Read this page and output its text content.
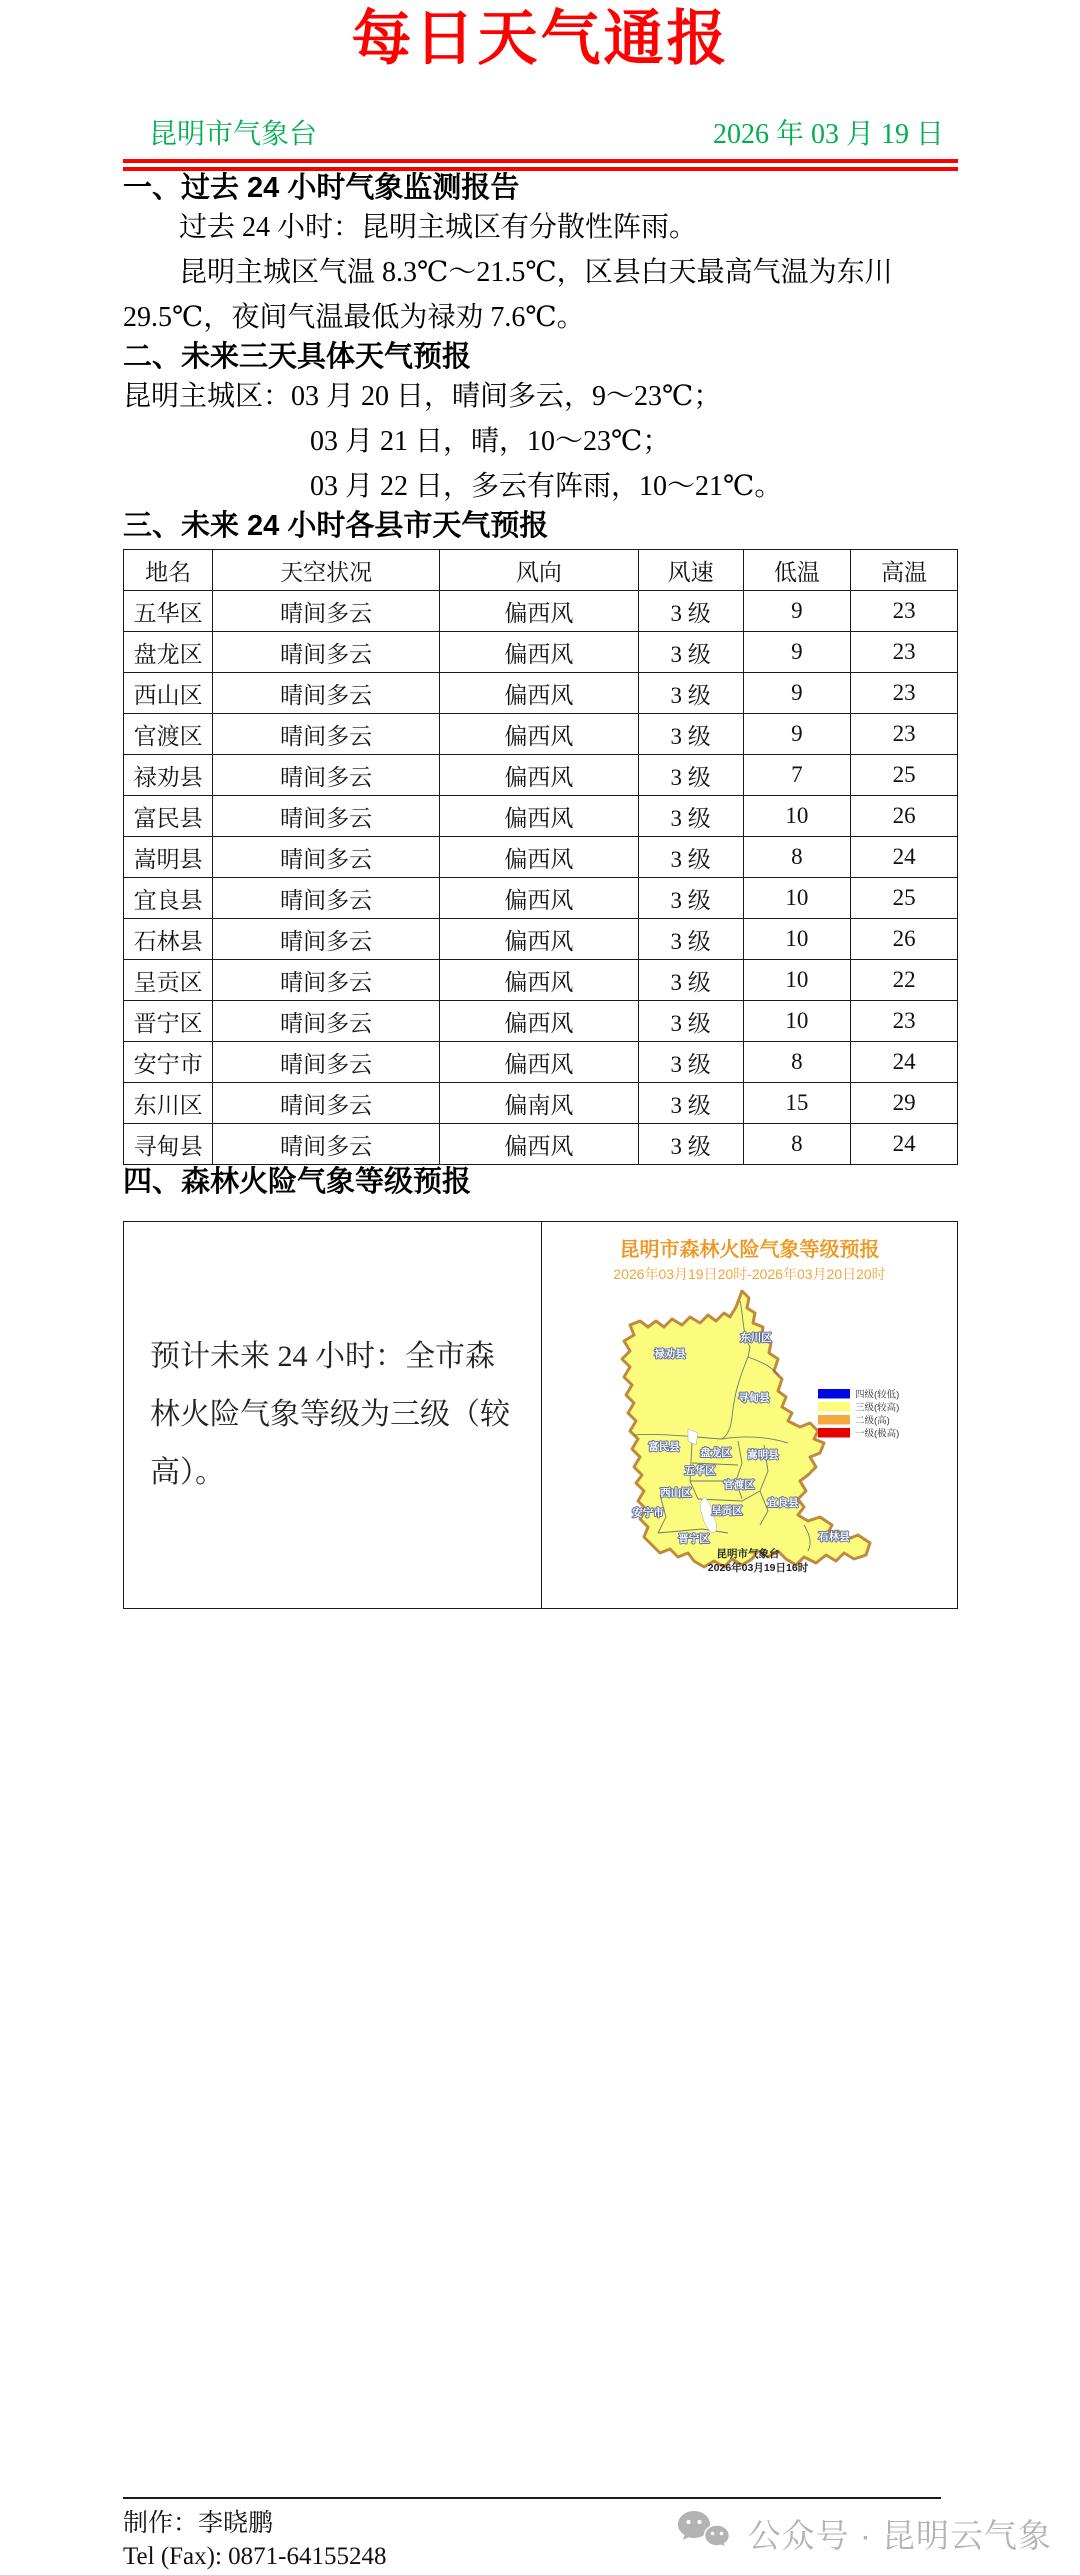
每日天气通报
昆明市气象台	2026 年 03 月 19 日
一、过去 24 小时气象监测报告

过去 24 小时：昆明主城区有分散性阵雨。

昆明主城区气温 8.3℃～21.5℃，区县白天最高气温为东川 29.5℃，夜间气温最低为禄劝 7.6℃。

二、未来三天具体天气预报

昆明主城区：03 月 20 日，晴间多云，9～23℃；

03 月 21 日，晴，10～23℃；

03 月 22 日，多云有阵雨，10～21℃。

三、未来 24 小时各县市天气预报
地名	天空状况	风向	风速	低温	高温
五华区	晴间多云	偏西风	3 级	9	23
盘龙区	晴间多云	偏西风	3 级	9	23
西山区	晴间多云	偏西风	3 级	9	23
官渡区	晴间多云	偏西风	3 级	9	23
禄劝县	晴间多云	偏西风	3 级	7	25
富民县	晴间多云	偏西风	3 级	10	26
嵩明县	晴间多云	偏西风	3 级	8	24
宜良县	晴间多云	偏西风	3 级	10	25
石林县	晴间多云	偏西风	3 级	10	26
呈贡区	晴间多云	偏西风	3 级	10	22
晋宁区	晴间多云	偏西风	3 级	10	23
安宁市	晴间多云	偏西风	3 级	8	24
东川区	晴间多云	偏南风	3 级	15	29
寻甸县	晴间多云	偏西风	3 级	8	24
四、森林火险气象等级预报

预计未来 24 小时：全市森林火险气象等级为三级（较高）。

昆明市森林火险气象等级预报
2026年03月19日20时-2026年03月20日20时
东川区
禄劝县
寻甸县
富民县 盘龙区 嵩明县
五华区
官渡区
西山区
宜良县
安宁市	呈贡区
晋宁区	石林县
四级(较低)
三级(较高)
二级(高)
一级(极高)
昆明市气象台
2026年03月19日16时
制作：李晓鹏
Tel (Fax): 0871-64155248
公众号 · 昆明云气象
